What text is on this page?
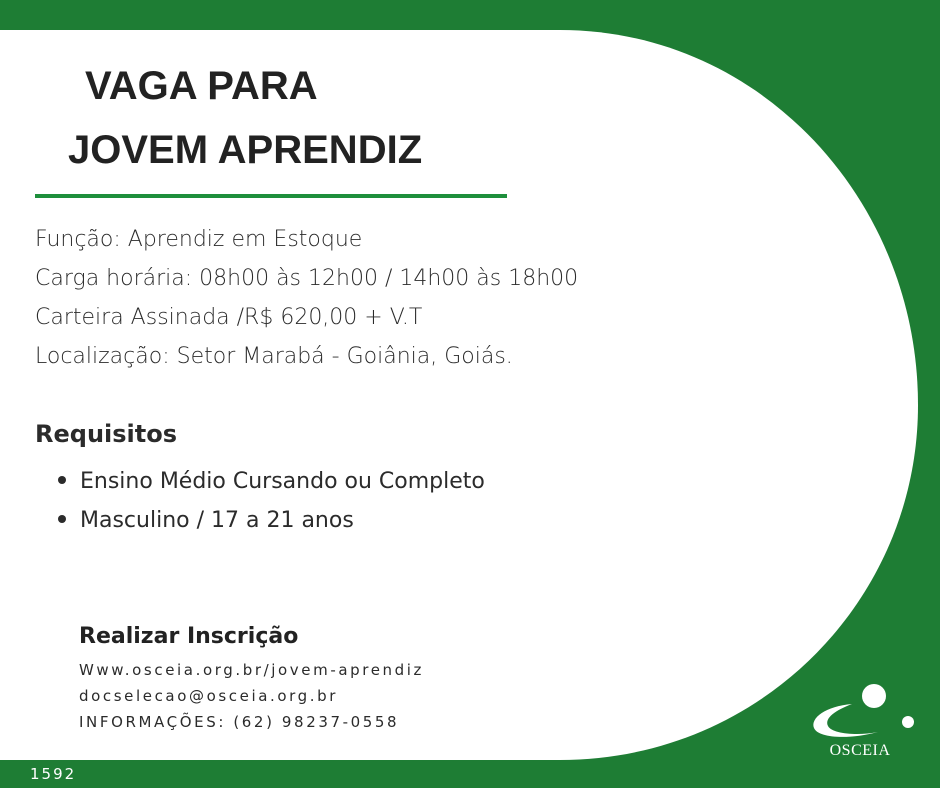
VAGA PARA
JOVEM APRENDIZ
Função: Aprendiz em Estoque
Carga horária: 08h00 às 12h00 / 14h00 às 18h00
Carteira Assinada /R$ 620,00 + V.T
Localização: Setor Marabá - Goiânia, Goiás.
Requisitos
Ensino Médio Cursando ou Completo
Masculino / 17 a 21 anos
Realizar Inscrição
Www.osceia.org.br/jovem-aprendiz
docselecao@osceia.org.br
INFORMAÇÕES: (62) 98237-0558
1592
OSCEIA
